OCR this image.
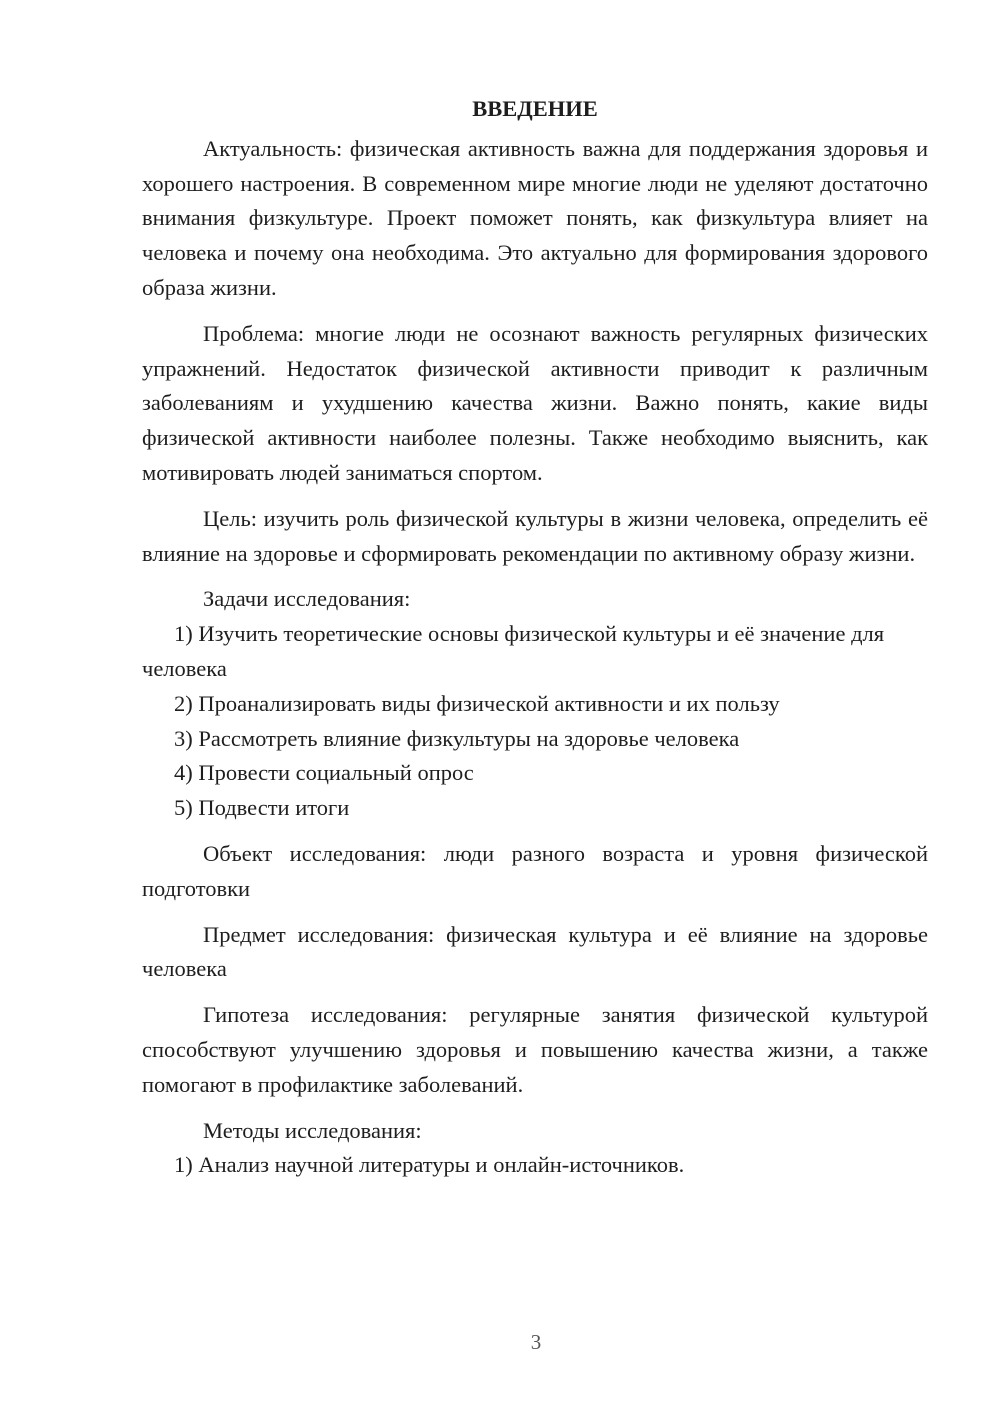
ВВЕДЕНИЕ

Актуальность: физическая активность важна для поддержания здоровья и хорошего настроения. В современном мире многие люди не уделяют достаточно внимания физкультуре. Проект поможет понять, как физкультура влияет на человека и почему она необходима. Это актуально для формирования здорового образа жизни.

Проблема: многие люди не осознают важность регулярных физических упражнений. Недостаток физической активности приводит к различным заболеваниям и ухудшению качества жизни. Важно понять, какие виды физической активности наиболее полезны. Также необходимо выяснить, как мотивировать людей заниматься спортом.

Цель: изучить роль физической культуры в жизни человека, определить её влияние на здоровье и сформировать рекомендации по активному образу жизни.

Задачи исследования:

1) Изучить теоретические основы физической культуры и её значение для человека

2) Проанализировать виды физической активности и их пользу

3) Рассмотреть влияние физкультуры на здоровье человека

4) Провести социальный опрос

5) Подвести итоги

Объект исследования: люди разного возраста и уровня физической подготовки

Предмет исследования: физическая культура и её влияние на здоровье человека

Гипотеза исследования: регулярные занятия физической культурой способствуют улучшению здоровья и повышению качества жизни, а также помогают в профилактике заболеваний.

Методы исследования:

1) Анализ научной литературы и онлайн-источников.

3
